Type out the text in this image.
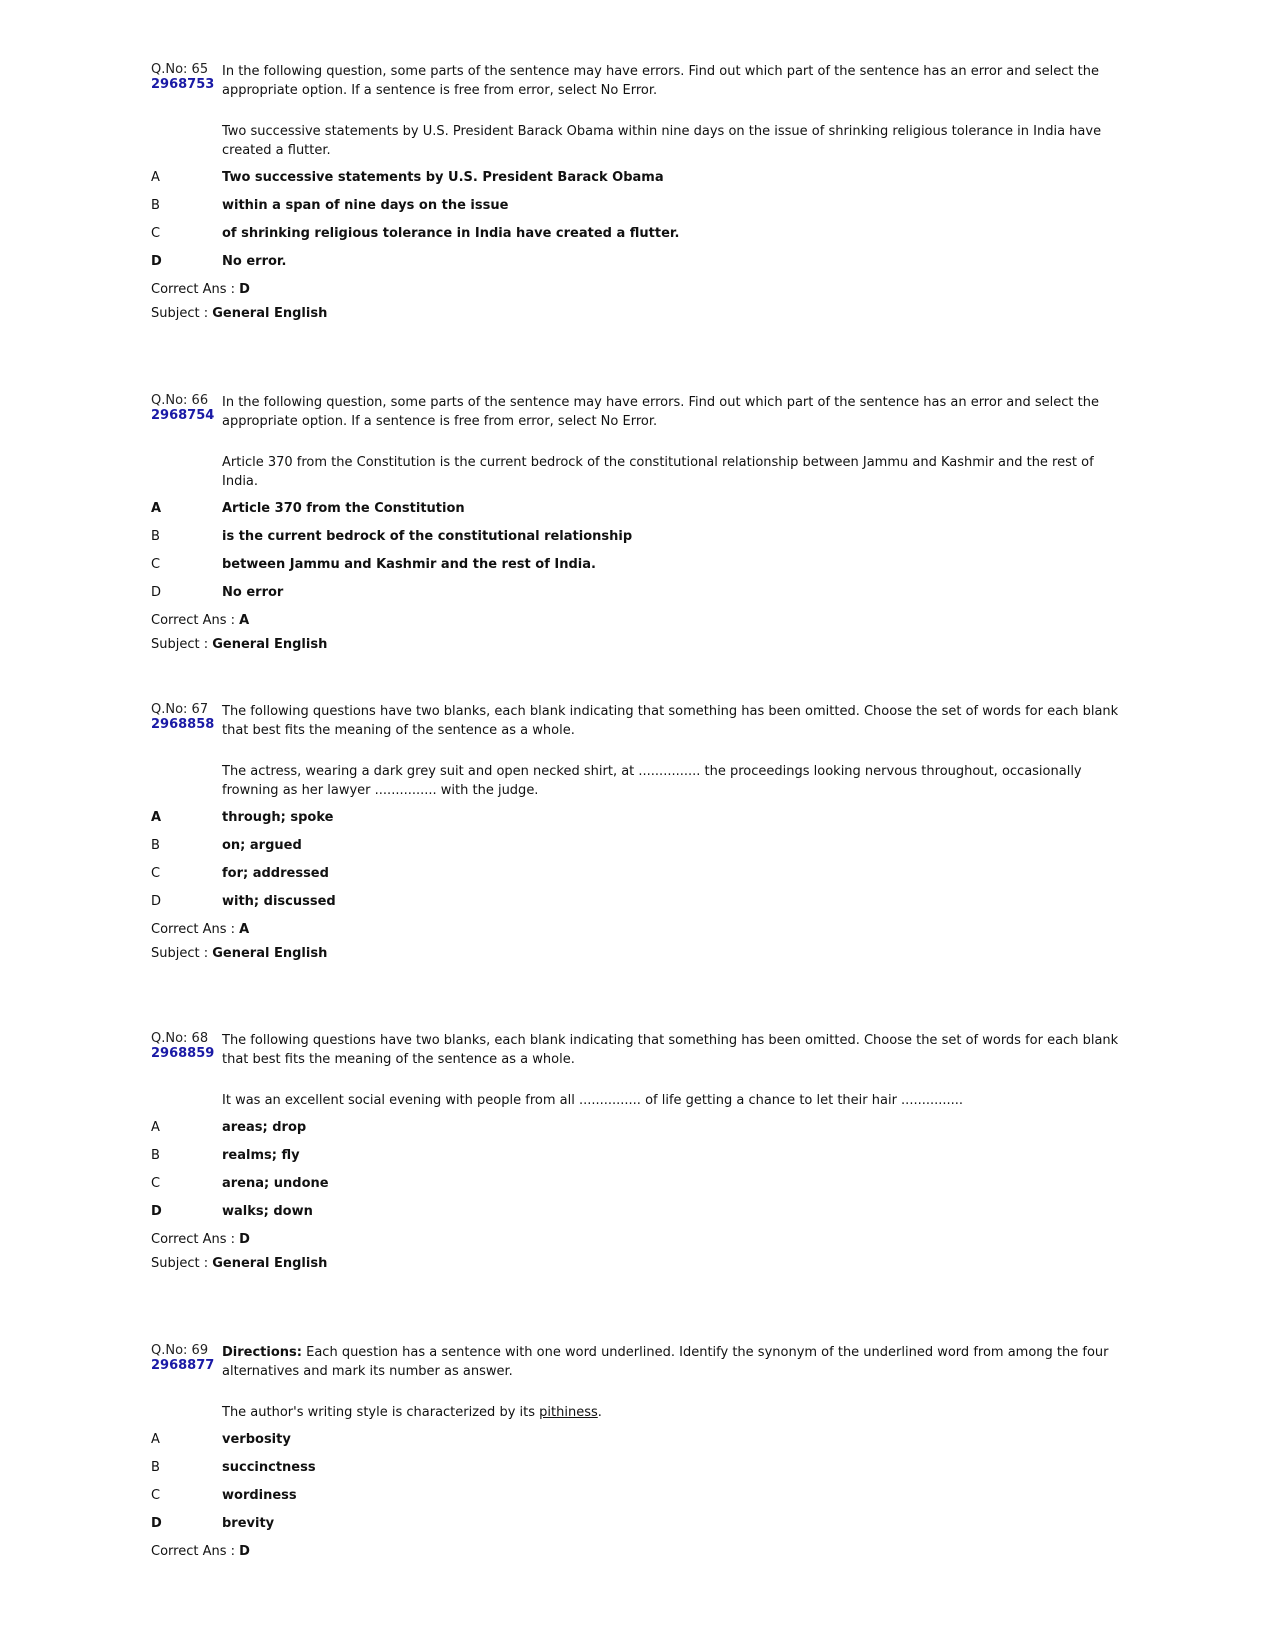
Q.No: 65
2968753
In the following question, some parts of the sentence may have errors. Find out which part of the sentence has an error and select the appropriate option. If a sentence is free from error, select No Error.
Two successive statements by U.S. President Barack Obama within nine days on the issue of shrinking religious tolerance in India have created a flutter.
A	Two successive statements by U.S. President Barack Obama
B	within a span of nine days on the issue
C	of shrinking religious tolerance in India have created a flutter.
D	No error.
Correct Ans : D
Subject : General English
Q.No: 66
2968754
In the following question, some parts of the sentence may have errors. Find out which part of the sentence has an error and select the appropriate option. If a sentence is free from error, select No Error.
Article 370 from the Constitution is the current bedrock of the constitutional relationship between Jammu and Kashmir and the rest of India.
A	Article 370 from the Constitution
B	is the current bedrock of the constitutional relationship
C	between Jammu and Kashmir and the rest of India.
D	No error
Correct Ans : A
Subject : General English
Q.No: 67
2968858
The following questions have two blanks, each blank indicating that something has been omitted. Choose the set of words for each blank that best fits the meaning of the sentence as a whole.
The actress, wearing a dark grey suit and open necked shirt, at ............... the proceedings looking nervous throughout, occasionally frowning as her lawyer ............... with the judge.
A	through; spoke
B	on; argued
C	for; addressed
D	with; discussed
Correct Ans : A
Subject : General English
Q.No: 68
2968859
The following questions have two blanks, each blank indicating that something has been omitted. Choose the set of words for each blank that best fits the meaning of the sentence as a whole.
It was an excellent social evening with people from all ............... of life getting a chance to let their hair ...............
A	areas; drop
B	realms; fly
C	arena; undone
D	walks; down
Correct Ans : D
Subject : General English
Q.No: 69
2968877
Directions: Each question has a sentence with one word underlined. Identify the synonym of the underlined word from among the four alternatives and mark its number as answer.
The author's writing style is characterized by its pithiness.
A	verbosity
B	succinctness
C	wordiness
D	brevity
Correct Ans : D
